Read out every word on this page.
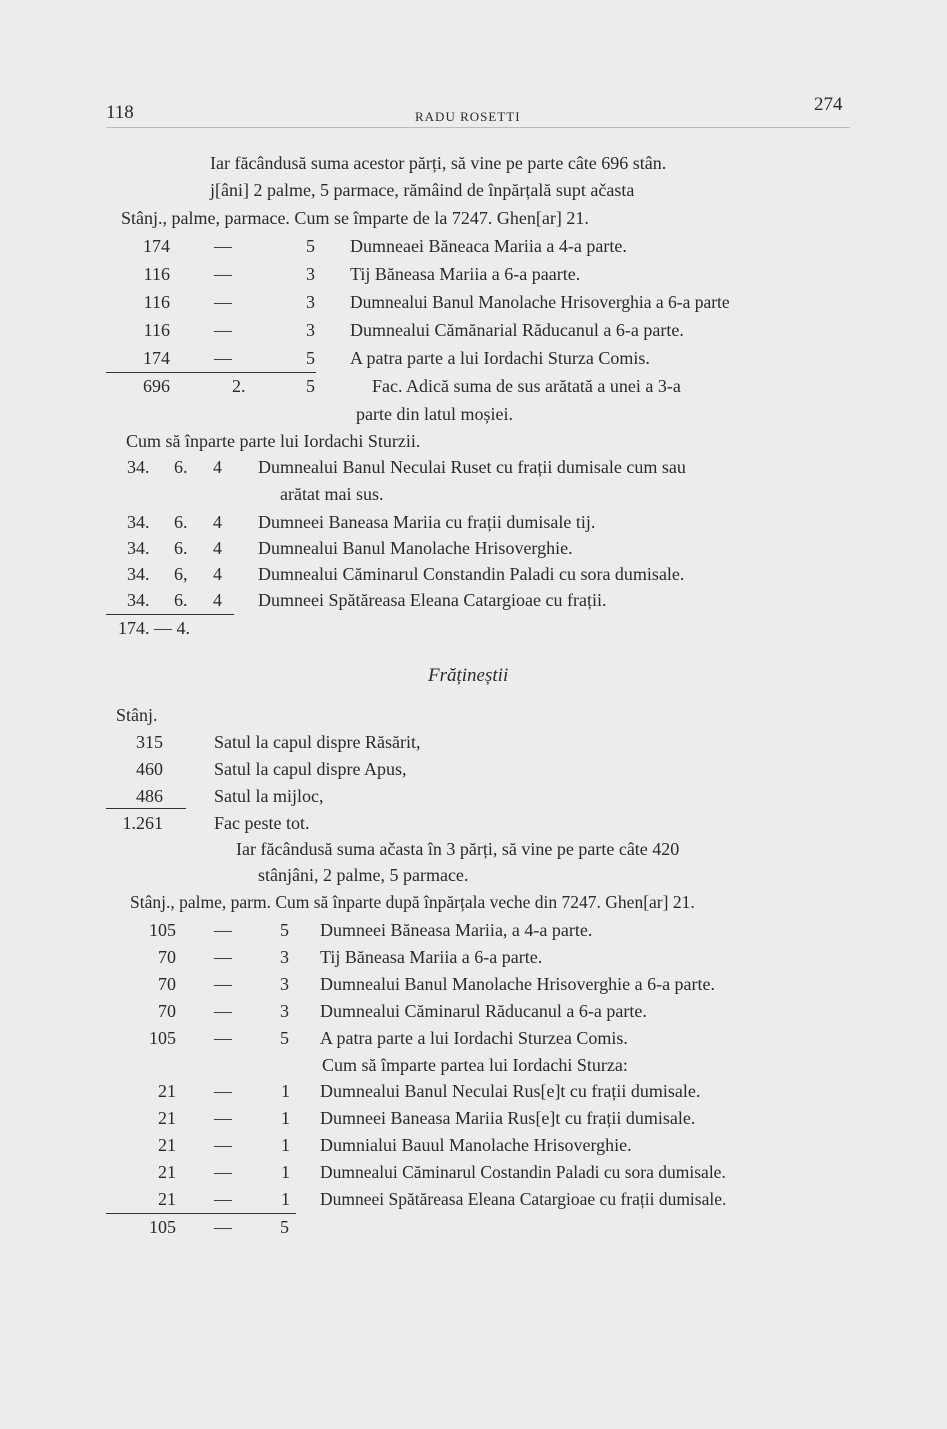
118	RADU ROSETTI
274
Iar făcândusă suma acestor părți, să vine pe parte câte 696 stân.
j[âni] 2 palme, 5 parmace, rămâind de înpărțală supt ačasta
Stânj., palme, parmace. Cum se împarte de la 7247. Ghen[ar] 21.
174 —	5 Dumneaei Băneaca Mariia a 4-a parte.
116 —	3 Tij Băneasa Mariia a 6-a paarte.
116 —	3 Dumnealui Banul Manolache Hrisoverghia a 6-a parte
116 —	3 Dumnealui Cămănarial Răducanul a 6-a parte.
174 —	5 A patra parte a lui Iordachi Sturza Comis.
696	2.	5	Fac. Adică suma de sus arătată a unei a 3-a
parte din latul moșiei.
Cum să înparte parte lui Iordachi Sturzii.
34. 6. 4 Dumnealui Banul Neculai Ruset cu frații dumisale cum sau
arătat mai sus.
34. 6. 4 Dumneei Baneasa Mariia cu frații dumisale tij.
34. 6. 4 Dumnealui Banul Manolache Hrisoverghie.
34. 6, 4 Dumnealui Căminarul Constandin Paladi cu sora dumisale.
34. 6. 4 Dumneei Spătăreasa Eleana Catargioae cu frații.
174. — 4.
Frățineștii
Stânj.
315	Satul la capul dispre Răsărit,
460	Satul la capul dispre Apus,
486	Satul la mijloc,
1.261	Fac peste tot.
Iar făcândusă suma ačasta în 3 părți, să vine pe parte câte 420
stânjâni, 2 palme, 5 parmace.
Stânj., palme, parm. Cum să înparte după înpărțala veche din 7247. Ghen[ar] 21.
105 —	5 Dumneei Băneasa Mariia, a 4-a parte.
70 —	3 Tij Băneasa Mariia a 6-a parte.
70 —	3 Dumnealui Banul Manolache Hrisoverghie a 6-a parte.
70 —	3 Dumnealui Căminarul Răducanul a 6-a parte.
105 —	5 A patra parte a lui Iordachi Sturzea Comis.
Cum să împarte partea lui Iordachi Sturza:
21 —	1 Dumnealui Banul Neculai Rus[e]t cu frații dumisale.
21 —	1 Dumneei Baneasa Mariia Rus[e]t cu frații dumisale.
21 —	1 Dumnialui Bauul Manolache Hrisoverghie.
21 —	1 Dumnealui Căminarul Costandin Paladi cu sora dumisale.
21 —	1 Dumneei Spătăreasa Eleana Catargioae cu frații dumisale.
105 —	5
